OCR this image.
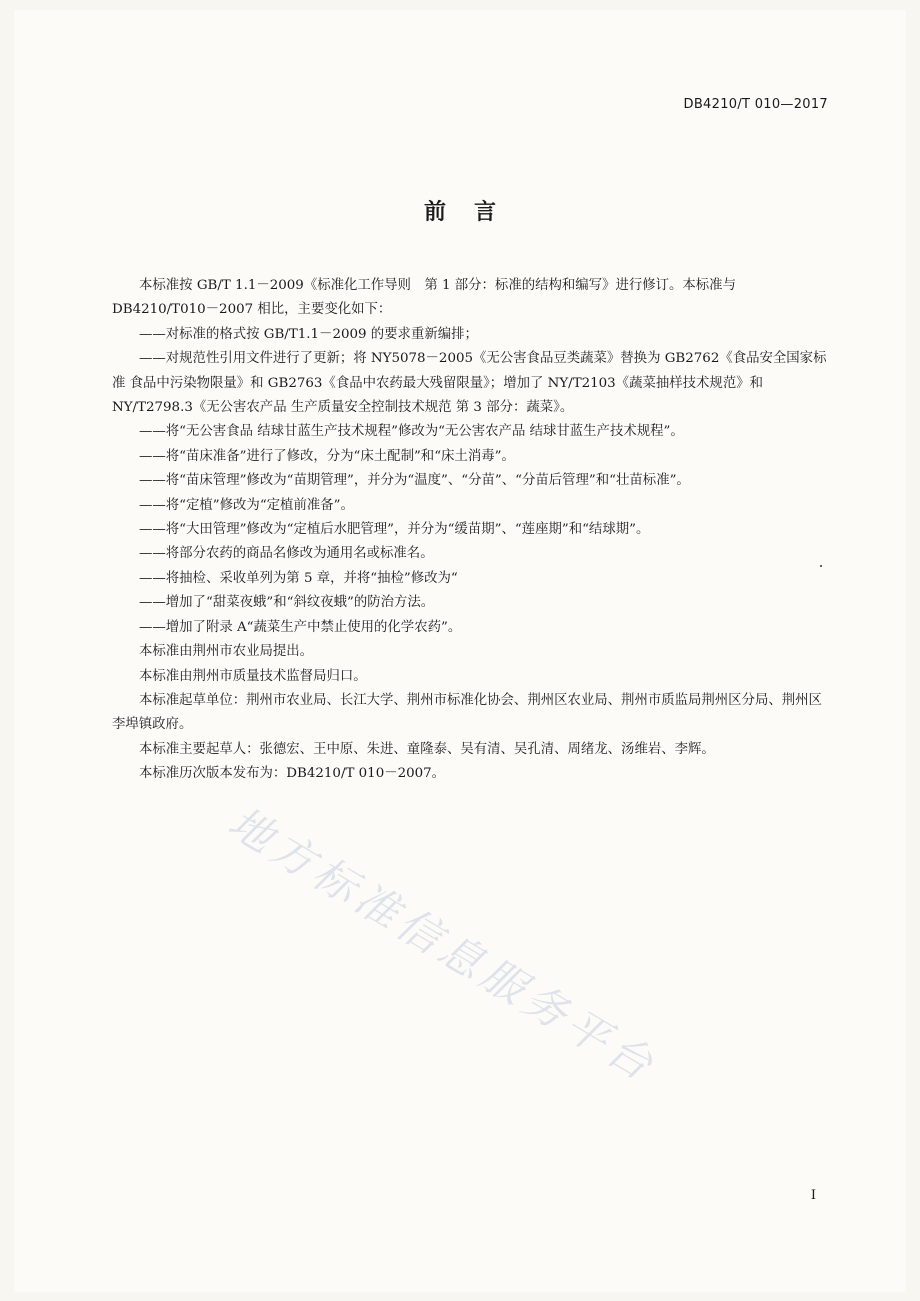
DB4210/T 010—2017
前言

本标准按 GB/T 1.1－2009《标准化工作导则　第 1 部分：标准的结构和编写》进行修订。本标准与 DB4210/T010－2007 相比，主要变化如下：

——对标准的格式按 GB/T1.1－2009 的要求重新编排；

——对规范性引用文件进行了更新；将 NY5078－2005《无公害食品豆类蔬菜》替换为 GB2762《食品安全国家标准 食品中污染物限量》和 GB2763《食品中农药最大残留限量》；增加了 NY/T2103《蔬菜抽样技术规范》和 NY/T2798.3《无公害农产品 生产质量安全控制技术规范 第 3 部分：蔬菜》。

——将“无公害食品 结球甘蓝生产技术规程”修改为“无公害农产品 结球甘蓝生产技术规程”。

——将“苗床准备”进行了修改，分为“床土配制”和“床土消毒”。

——将“苗床管理”修改为“苗期管理”，并分为“温度”、“分苗”、“分苗后管理”和“壮苗标准”。

——将“定植”修改为“定植前准备”。

——将“大田管理”修改为“定植后水肥管理”，并分为“缓苗期”、“莲座期”和“结球期”。

——将部分农药的商品名修改为通用名或标准名。

——将抽检、采收单列为第 5 章，并将“抽检”修改为“

——增加了“甜菜夜蛾”和“斜纹夜蛾”的防治方法。

——增加了附录 A“蔬菜生产中禁止使用的化学农药”。

本标准由荆州市农业局提出。

本标准由荆州市质量技术监督局归口。

本标准起草单位：荆州市农业局、长江大学、荆州市标准化协会、荆州区农业局、荆州市质监局荆州区分局、荆州区李埠镇政府。

本标准主要起草人：张德宏、王中原、朱进、童隆泰、吴有清、吴孔清、周绪龙、汤维岩、李辉。

本标准历次版本发布为：DB4210/T 010－2007。

地方标准信息服务平台
I
